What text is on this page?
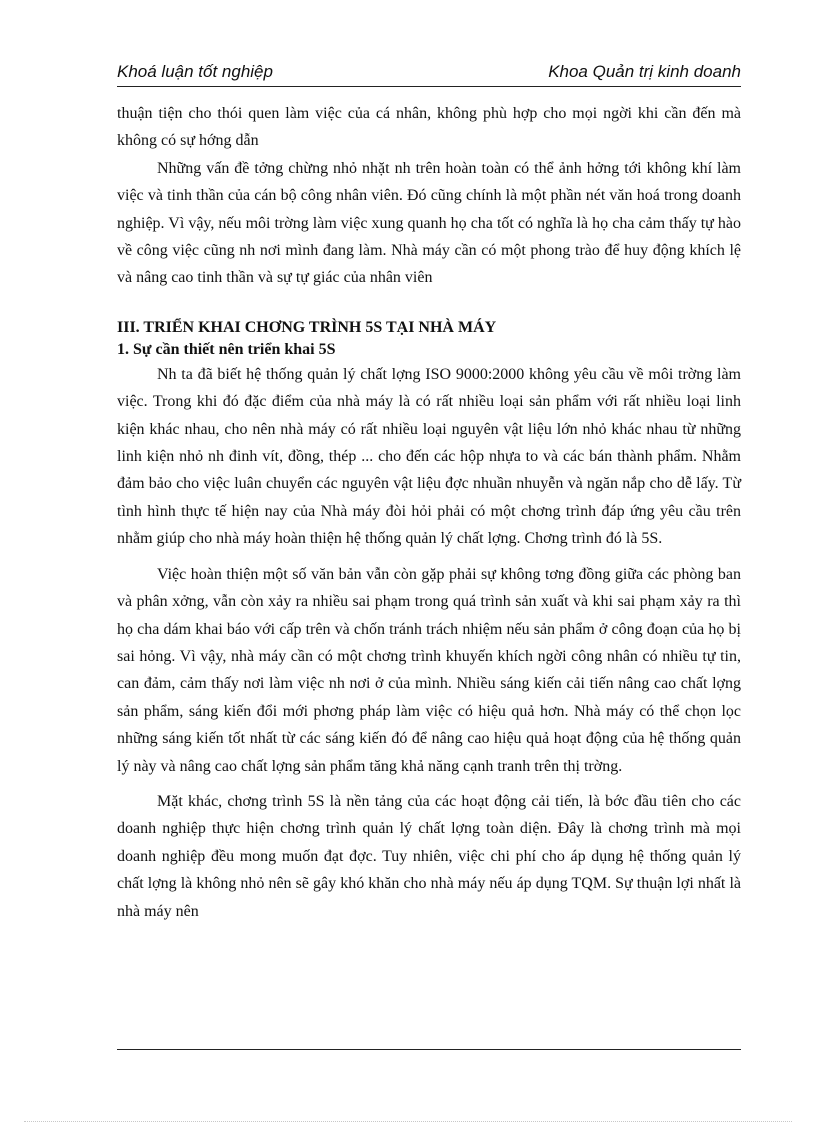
Khoá luận tốt nghiệp	Khoa Quản trị kinh doanh

thuận tiện cho thói quen làm việc của cá nhân, không phù hợp cho mọi ngời khi cần đến mà không có sự hớng dẫn

Những vấn đề tởng chừng nhỏ nhặt nh trên hoàn toàn có thể ảnh hởng tới không khí làm việc và tinh thần của cán bộ công nhân viên. Đó cũng chính là một phần nét văn hoá trong doanh nghiệp. Vì vậy, nếu môi trờng làm việc xung quanh họ cha tốt có nghĩa là họ cha cảm thấy tự hào về công việc cũng nh nơi mình đang làm. Nhà máy cần có một phong trào để huy động khích lệ và nâng cao tinh thần và sự tự giác của nhân viên

III. TRIỂN KHAI CHƠNG TRÌNH 5S TẠI NHÀ MÁY
1. Sự cần thiết nên triển khai 5S

Nh ta đã biết hệ thống quản lý chất lợng ISO 9000:2000 không yêu cầu về môi trờng làm việc. Trong khi đó đặc điểm của nhà máy là có rất nhiều loại sản phẩm với rất nhiều loại linh kiện khác nhau, cho nên nhà máy có rất nhiều loại nguyên vật liệu lớn nhỏ khác nhau từ những linh kiện nhỏ nh đinh vít, đồng, thép ... cho đến các hộp nhựa to và các bán thành phẩm. Nhằm đảm bảo cho việc luân chuyển các nguyên vật liệu đợc nhuần nhuyễn và ngăn nắp cho dễ lấy. Từ tình hình thực tế hiện nay của Nhà máy đòi hỏi phải có một chơng trình đáp ứng yêu cầu trên nhằm giúp cho nhà máy hoàn thiện hệ thống quản lý chất lợng. Chơng trình đó là 5S.

Việc hoàn thiện một số văn bản vẫn còn gặp phải sự không tơng đồng giữa các phòng ban và phân xởng, vẫn còn xảy ra nhiều sai phạm trong quá trình sản xuất và khi sai phạm xảy ra thì họ cha dám khai báo với cấp trên và chốn tránh trách nhiệm nếu sản phẩm ở công đoạn của họ bị sai hỏng. Vì vậy, nhà máy cần có một chơng trình khuyến khích ngời công nhân có nhiều tự tin, can đảm, cảm thấy nơi làm việc nh nơi ở của mình. Nhiều sáng kiến cải tiến nâng cao chất lợng sản phẩm, sáng kiến đổi mới phơng pháp làm việc có hiệu quả hơn. Nhà máy có thể chọn lọc những sáng kiến tốt nhất từ các sáng kiến đó để nâng cao hiệu quả hoạt động của hệ thống quản lý này và nâng cao chất lợng sản phẩm tăng khả năng cạnh tranh trên thị trờng.

Mặt khác, chơng trình 5S là nền tảng của các hoạt động cải tiến, là bớc đầu tiên cho các doanh nghiệp thực hiện chơng trình quản lý chất lợng toàn diện. Đây là chơng trình mà mọi doanh nghiệp đều mong muốn đạt đợc. Tuy nhiên, việc chi phí cho áp dụng hệ thống quản lý chất lợng là không nhỏ nên sẽ gây khó khăn cho nhà máy nếu áp dụng TQM. Sự thuận lợi nhất là nhà máy nên
